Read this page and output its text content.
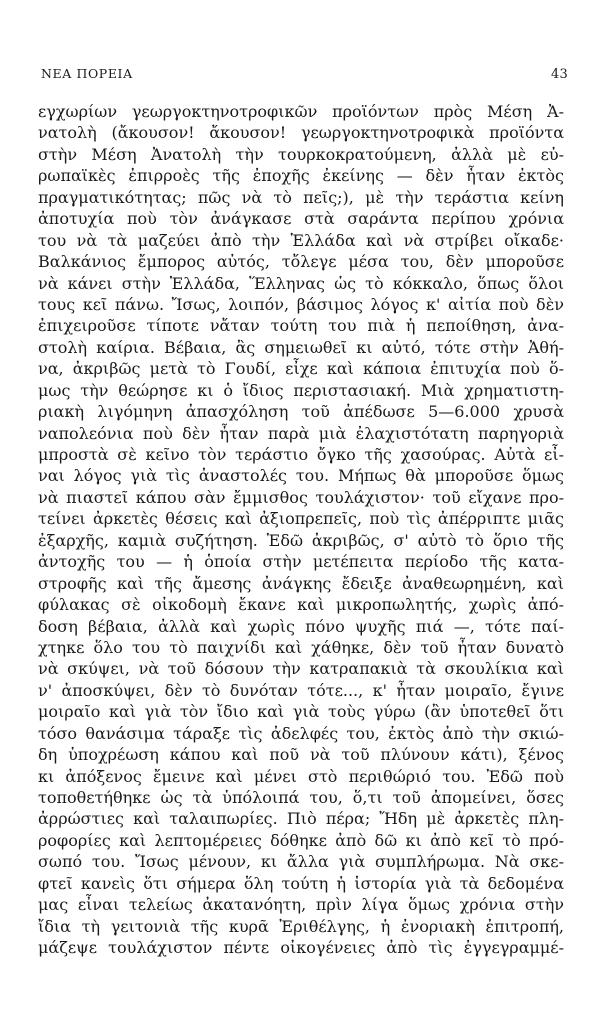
ΝΕΑ ΠΟΡΕΙΑ	43
εγχωρίων γεωργοκτηνοτροφικῶν προϊόντων πρὸς Μέση Ἀ-
νατολὴ (ἄκουσον! ἄκουσον! γεωργοκτηνοτροφικὰ προϊόντα
στὴν Μέση Ἀνατολὴ τὴν τουρκοκρατούμενη, ἀλλὰ μὲ εὐ-
ρωπαϊκὲς ἐπιρροὲς τῆς ἐποχῆς ἐκείνης — δὲν ἦταν ἐκτὸς
πραγματικότητας; πῶς νὰ τὸ πεῖς;), μὲ τὴν τεράστια κείνη
ἀποτυχία ποὺ τὸν ἀνάγκασε στὰ σαράντα περίπου χρόνια
του νὰ τὰ μαζεύει ἀπὸ τὴν Ἑλλάδα καὶ νὰ στρίβει οἴκαδε·
Βαλκάνιος ἔμπορος αὐτός, τὄλεγε μέσα του, δὲν μποροῦσε
νὰ κάνει στὴν Ἑλλάδα, Ἕλληνας ὡς τὸ κόκκαλο, ὅπως ὅλοι
τους κεῖ πάνω. Ἴσως, λοιπόν, βάσιμος λόγος κ' αἰτία ποὺ δὲν
ἐπιχειροῦσε τίποτε νἄταν τούτη του πιὰ ἡ πεποίθηση, ἀνα-
στολὴ καίρια. Βέβαια, ἂς σημειωθεῖ κι αὐτό, τότε στὴν Ἀθή-
να, ἀκριβῶς μετὰ τὸ Γουδί, εἶχε καὶ κάποια ἐπιτυχία ποὺ ὅ-
μως τὴν θεώρησε κι ὁ ἴδιος περιστασιακή. Μιὰ χρηματιστη-
ριακὴ λιγόμηνη ἀπασχόληση τοῦ ἀπέδωσε 5—6.000 χρυσὰ
ναπολεόνια ποὺ δὲν ἦταν παρὰ μιὰ ἐλαχιστότατη παρηγοριὰ
μπροστὰ σὲ κεῖνο τὸν τεράστιο ὄγκο τῆς χασούρας. Αὐτὰ εἶ-
ναι λόγος γιὰ τὶς ἀναστολές του. Μήπως θὰ μποροῦσε ὅμως
νὰ πιαστεῖ κάπου σὰν ἔμμισθος τουλάχιστον· τοῦ εἴχανε προ-
τείνει ἀρκετὲς θέσεις καὶ ἀξιοπρεπεῖς, ποὺ τὶς ἀπέρριπτε μιᾶς
ἐξαρχῆς, καμιὰ συζήτηση. Ἐδῶ ἀκριβῶς, σ' αὐτὸ τὸ ὅριο τῆς
ἀντοχῆς του — ἡ ὁποία στὴν μετέπειτα περίοδο τῆς κατα-
στροφῆς καὶ τῆς ἄμεσης ἀνάγκης ἔδειξε ἀναθεωρημένη, καὶ
φύλακας σὲ οἰκοδομὴ ἔκανε καὶ μικροπωλητής, χωρὶς ἀπό-
δοση βέβαια, ἀλλὰ καὶ χωρὶς πόνο ψυχῆς πιά —, τότε παί-
χτηκε ὅλο του τὸ παιχνίδι καὶ χάθηκε, δὲν τοῦ ἦταν δυνατὸ
νὰ σκύψει, νὰ τοῦ δόσουν τὴν κατραπακιὰ τὰ σκουλίκια καὶ
ν' ἀποσκύψει, δὲν τὸ δυνόταν τότε..., κ' ἦταν μοιραῖο, ἔγινε
μοιραῖο καὶ γιὰ τὸν ἴδιο καὶ γιὰ τοὺς γύρω (ἂν ὑποτεθεῖ ὅτι
τόσο θανάσιμα τάραξε τὶς ἀδελφές του, ἐκτὸς ἀπὸ τὴν σκιώ-
δη ὑποχρέωση κάπου καὶ ποῦ νὰ τοῦ πλύνουν κάτι), ξένος
κι ἀπόξενος ἔμεινε καὶ μένει στὸ περιθώριό του. Ἐδῶ ποὺ
τοποθετήθηκε ὡς τὰ ὑπόλοιπά του, ὅ,τι τοῦ ἀπομείνει, ὅσες
ἀρρώστιες καὶ ταλαιπωρίες. Πιὸ πέρα; Ἤδη μὲ ἀρκετὲς πλη-
ροφορίες καὶ λεπτομέρειες δόθηκε ἀπὸ δῶ κι ἀπὸ κεῖ τὸ πρό-
σωπό του. Ἴσως μένουν, κι ἄλλα γιὰ συμπλήρωμα. Νὰ σκε-
φτεῖ κανεὶς ὅτι σήμερα ὅλη τούτη ἡ ἱστορία γιὰ τὰ δεδομένα
μας εἶναι τελείως ἀκατανόητη, πρὶν λίγα ὅμως χρόνια στὴν
ἴδια τὴ γειτονιὰ τῆς κυρᾶ Ἐριθέλγης, ἡ ἐνοριακὴ ἐπιτροπή,
μάζεψε τουλάχιστον πέντε οἰκογένειες ἀπὸ τὶς ἐγγεγραμμέ-
